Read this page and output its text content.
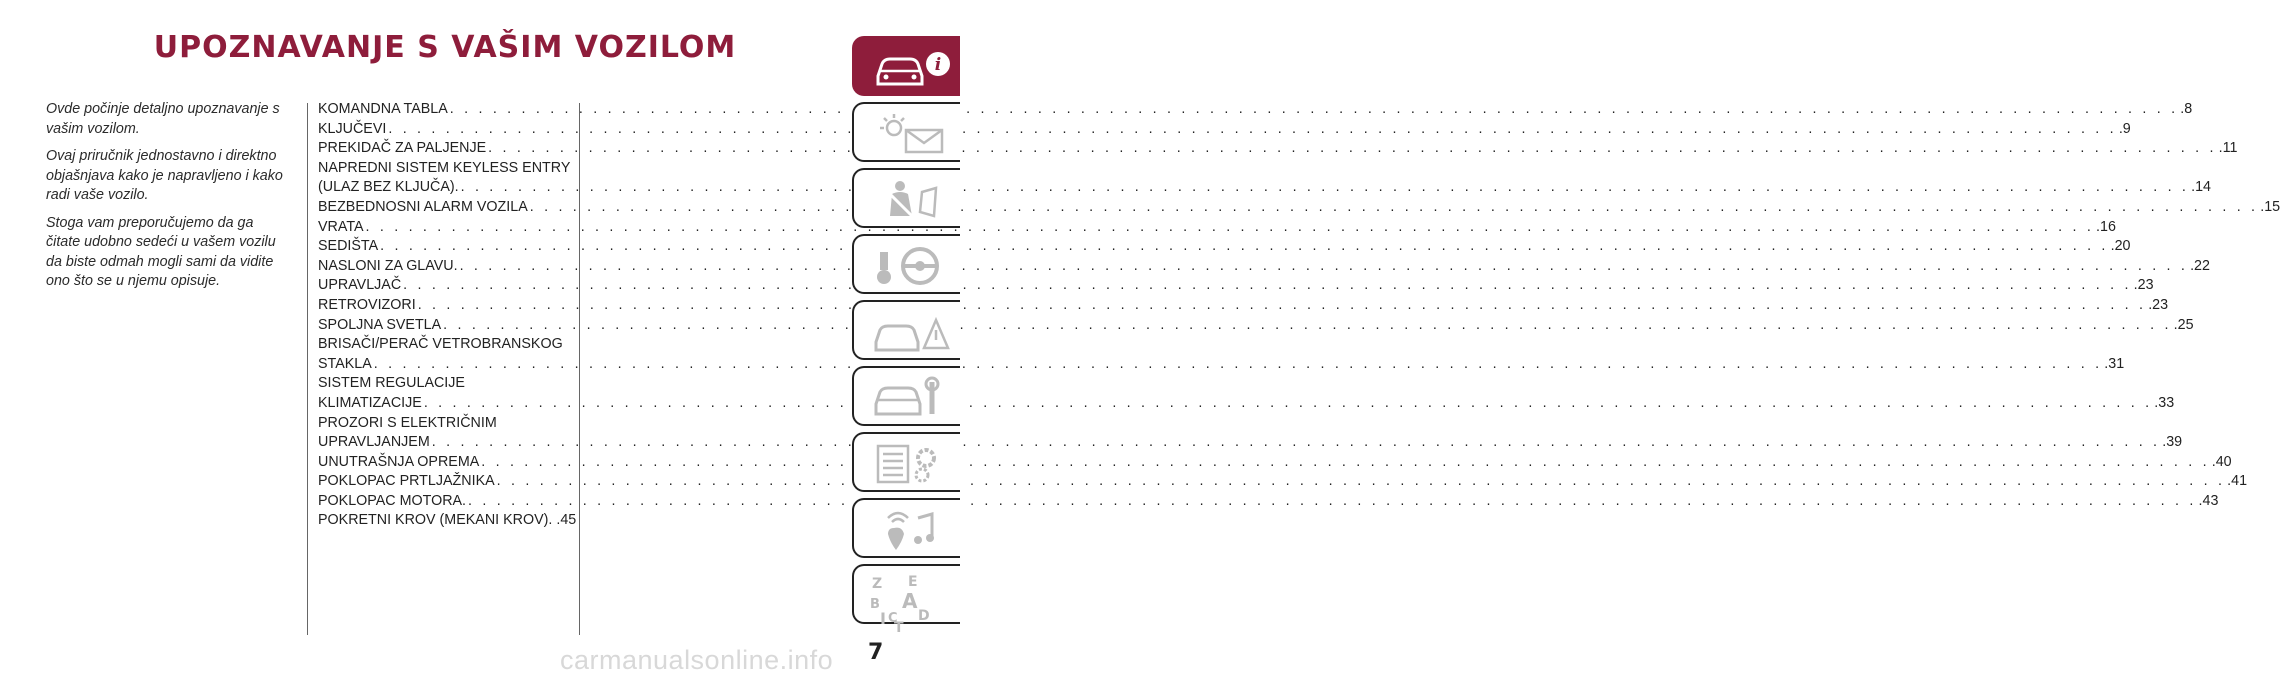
UPOZNAVANJE S VAŠIM VOZILOM

Ovde počinje detaljno upoznavanje s vašim vozilom.

Ovaj priručnik jednostavno i direktno objašnjava kako je napravljeno i kako radi vaše vozilo.

Stoga vam preporučujemo da ga čitate udobno sedeći u vašem vozilu da biste odmah mogli sami da vidite ono što se u njemu opisuje.

KOMANDNA TABLA . . .	.8
KLJUČEVI . . .	.9
PREKIDAČ ZA PALJENJE . . .	.11
NAPREDNI SISTEM KEYLESS ENTRY
(ULAZ BEZ KLJUČA). . . .	.14
BEZBEDNOSNI ALARM VOZILA . . .	.15
VRATA . . .	.16
SEDIŠTA . . .	.20
NASLONI ZA GLAVU. . . .	.22
UPRAVLJAČ . . .	.23
RETROVIZORI . . .	.23
SPOLJNA SVETLA . . .	.25
BRISAČI/PERAČ VETROBRANSKOG
STAKLA . . .	.31
SISTEM REGULACIJE
KLIMATIZACIJE . . .	.33
PROZORI S ELEKTRIČNIM
UPRAVLJANJEM . . .	.39
UNUTRAŠNJA OPREMA . . .	.40
POKLOPAC PRTLJAŽNIKA . . .	.41
POKLOPAC MOTORA. . . .	.43
POKRETNI KROV (MEKANI KROV). .45
i
Z E
A
B
C D
I T
7
carmanualsonline.info
